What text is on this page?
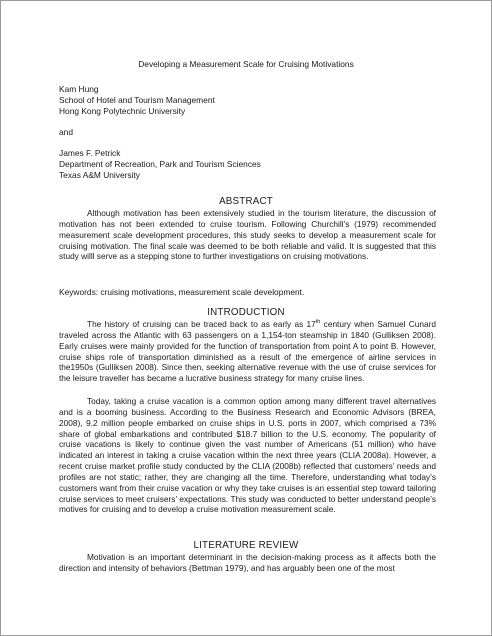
Developing a Measurement Scale for Cruising Motivations

Kam Hung

School of Hotel and Tourism Management

Hong Kong Polytechnic University

and

James F. Petrick

Department of Recreation, Park and Tourism Sciences

Texas A&M University

ABSTRACT

Although motivation has been extensively studied in the tourism literature, the discussion of motivation has not been extended to cruise tourism. Following Churchill’s (1979) recommended measurement scale development procedures, this study seeks to develop a measurement scale for cruising motivation. The final scale was deemed to be both reliable and valid. It is suggested that this study willl serve as a stepping stone to further investigations on cruising motivations.

Keywords: cruising motivations, measurement scale development.

INTRODUCTION

The history of cruising can be traced back to as early as 17th century when Samuel Cunard traveled across the Atlantic with 63 passengers on a 1,154-ton steamship in 1840 (Gulliksen 2008). Early cruises were mainly provided for the function of transportation from point A to point B. However, cruise ships role of transportation diminished as a result of the emergence of airline services in the1950s (Gulliksen 2008). Since then, seeking alternative revenue with the use of cruise services for the leisure traveller has became a lucrative business strategy for many cruise lines.

Today, taking a cruise vacation is a common option among many different travel alternatives and is a booming business. According to the Business Research and Economic Advisors (BREA, 2008), 9.2 million people embarked on cruise ships in U.S. ports in 2007, which comprised a 73% share of global embarkations and contributed $18.7 billion to the U.S. economy. The popularity of cruise vacations is likely to continue given the vast number of Americans (51 million) who have indicated an interest in taking a cruise vacation within the next three years (CLIA 2008a). However, a recent cruise market profile study conducted by the CLIA (2008b) reflected that customers’ needs and profiles are not static; rather, they are changing all the time. Therefore, understanding what today’s customers want from their cruise vacation or why they take cruises is an essential step toward tailoring cruise services to meet cruisers’ expectations. This study was conducted to better understand people’s motives for cruising and to develop a cruise motivation measurement scale.

LITERATURE REVIEW

Motivation is an important determinant in the decision-making process as it affects both the direction and intensity of behaviors (Bettman 1979), and has arguably been one of the most
